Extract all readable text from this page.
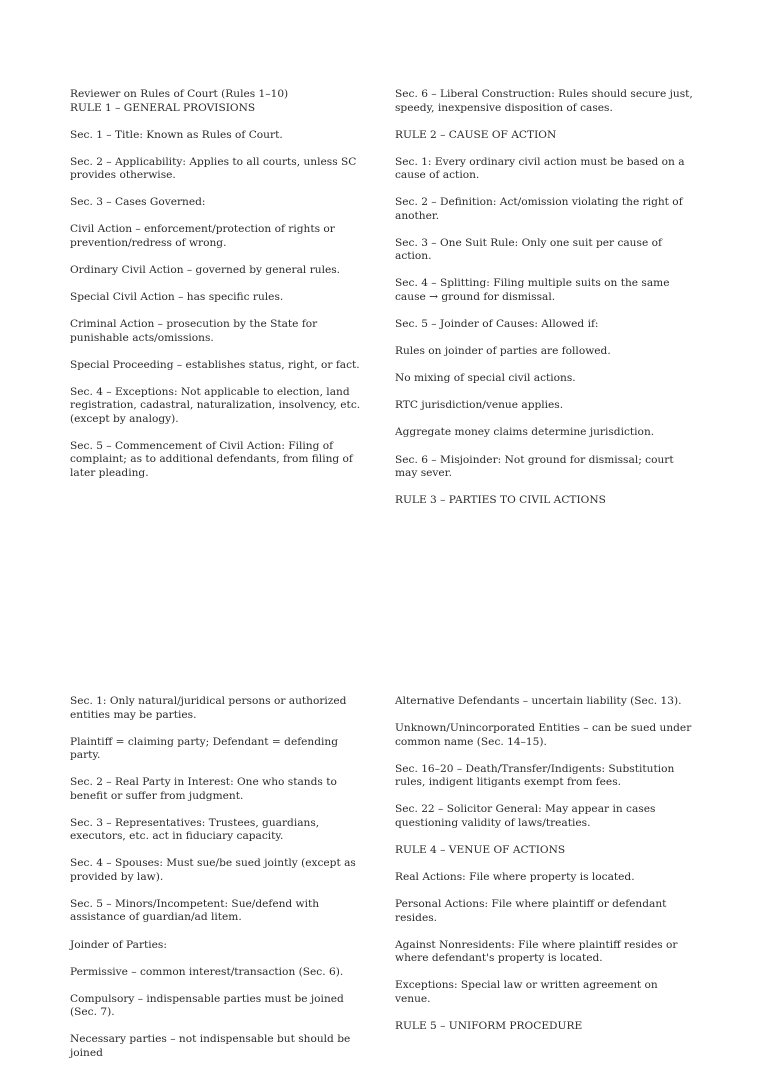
Reviewer on Rules of Court (Rules 1–10)

RULE 1 – GENERAL PROVISIONS

Sec. 1 – Title: Known as Rules of Court.

Sec. 2 – Applicability: Applies to all courts, unless SC provides otherwise.

Sec. 3 – Cases Governed:

Civil Action – enforcement/protection of rights or prevention/redress of wrong.

Ordinary Civil Action – governed by general rules.

Special Civil Action – has specific rules.

Criminal Action – prosecution by the State for punishable acts/omissions.

Special Proceeding – establishes status, right, or fact.

Sec. 4 – Exceptions: Not applicable to election, land registration, cadastral, naturalization, insolvency, etc. (except by analogy).

Sec. 5 – Commencement of Civil Action: Filing of complaint; as to additional defendants, from filing of later pleading.

Sec. 6 – Liberal Construction: Rules should secure just, speedy, inexpensive disposition of cases.

RULE 2 – CAUSE OF ACTION

Sec. 1: Every ordinary civil action must be based on a cause of action.

Sec. 2 – Definition: Act/omission violating the right of another.

Sec. 3 – One Suit Rule: Only one suit per cause of action.

Sec. 4 – Splitting: Filing multiple suits on the same cause → ground for dismissal.

Sec. 5 – Joinder of Causes: Allowed if:

Rules on joinder of parties are followed.

No mixing of special civil actions.

RTC jurisdiction/venue applies.

Aggregate money claims determine jurisdiction.

Sec. 6 – Misjoinder: Not ground for dismissal; court may sever.

RULE 3 – PARTIES TO CIVIL ACTIONS

Sec. 1: Only natural/juridical persons or authorized entities may be parties.

Plaintiff = claiming party; Defendant = defending party.

Sec. 2 – Real Party in Interest: One who stands to benefit or suffer from judgment.

Sec. 3 – Representatives: Trustees, guardians, executors, etc. act in fiduciary capacity.

Sec. 4 – Spouses: Must sue/be sued jointly (except as provided by law).

Sec. 5 – Minors/Incompetent: Sue/defend with assistance of guardian/ad litem.

Joinder of Parties:

Permissive – common interest/transaction (Sec. 6).

Compulsory – indispensable parties must be joined (Sec. 7).

Necessary parties – not indispensable but should be joined

Alternative Defendants – uncertain liability (Sec. 13).

Unknown/Unincorporated Entities – can be sued under common name (Sec. 14–15).

Sec. 16–20 – Death/Transfer/Indigents: Substitution rules, indigent litigants exempt from fees.

Sec. 22 – Solicitor General: May appear in cases questioning validity of laws/treaties.

RULE 4 – VENUE OF ACTIONS

Real Actions: File where property is located.

Personal Actions: File where plaintiff or defendant resides.

Against Nonresidents: File where plaintiff resides or where defendant's property is located.

Exceptions: Special law or written agreement on venue.

RULE 5 – UNIFORM PROCEDURE
